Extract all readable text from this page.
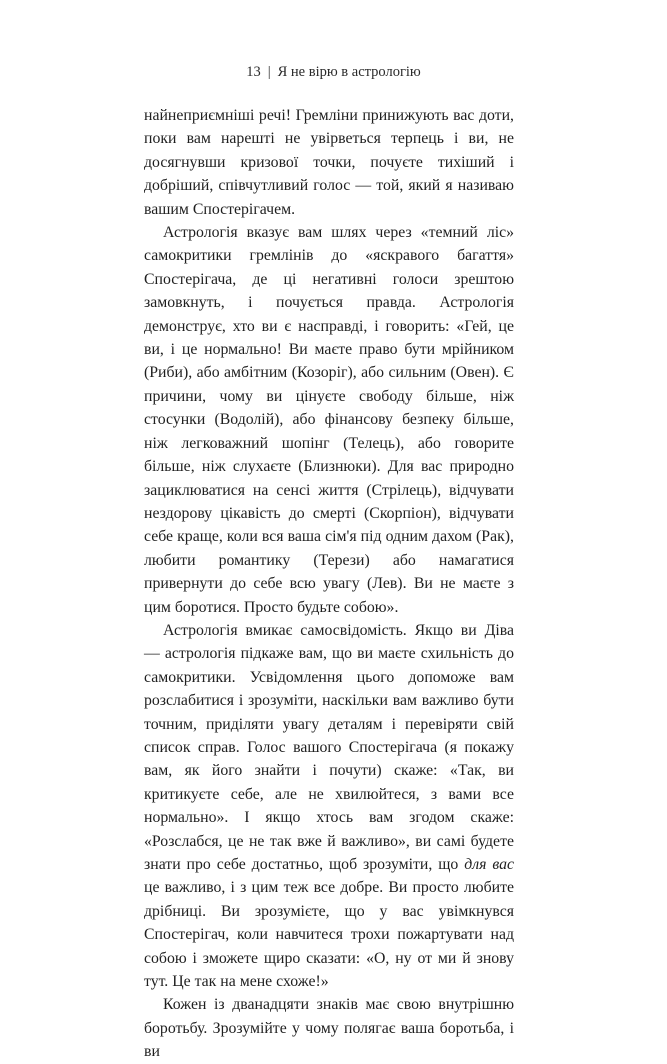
13 | Я не вірю в астрологію

найнеприємніші речі! Гремліни принижують вас доти, поки вам нарешті не увірветься терпець і ви, не досягнувши кризової точки, почуєте тихіший і добріший, співчутливий голос — той, який я називаю вашим Спостерігачем.

Астрологія вказує вам шлях через «темний ліс» самокритики гремлінів до «яскравого багаття» Спостерігача, де ці негативні голоси зрештою замовкнуть, і почується правда. Астрологія демонструє, хто ви є насправді, і говорить: «Гей, це ви, і це нормально! Ви маєте право бути мрійником (Риби), або амбітним (Козоріг), або сильним (Овен). Є причини, чому ви цінуєте свободу більше, ніж стосунки (Водолій), або фінансову безпеку більше, ніж легковажний шопінг (Телець), або говорите більше, ніж слухаєте (Близнюки). Для вас природно зациклюватися на сенсі життя (Стрілець), відчувати нездорову цікавість до смерті (Скорпіон), відчувати себе краще, коли вся ваша сім'я під одним дахом (Рак), любити романтику (Терези) або намагатися привернути до себе всю увагу (Лев). Ви не маєте з цим боротися. Просто будьте собою».

Астрологія вмикає самосвідомість. Якщо ви Діва — астрологія підкаже вам, що ви маєте схильність до самокритики. Усвідомлення цього допоможе вам розслабитися і зрозуміти, наскільки вам важливо бути точним, приділяти увагу деталям і перевіряти свій список справ. Голос вашого Спостерігача (я покажу вам, як його знайти і почути) скаже: «Так, ви критикуєте себе, але не хвилюйтеся, з вами все нормально». І якщо хтось вам згодом скаже: «Розслабся, це не так вже й важливо», ви самі будете знати про себе достатньо, щоб зрозуміти, що для вас це важливо, і з цим теж все добре. Ви просто любите дрібниці. Ви зрозумієте, що у вас увімкнувся Спостерігач, коли навчитеся трохи пожартувати над собою і зможете щиро сказати: «О, ну от ми й знову тут. Це так на мене схоже!»

Кожен із дванадцяти знаків має свою внутрішню боротьбу. Зрозумійте у чому полягає ваша боротьба, і ви
